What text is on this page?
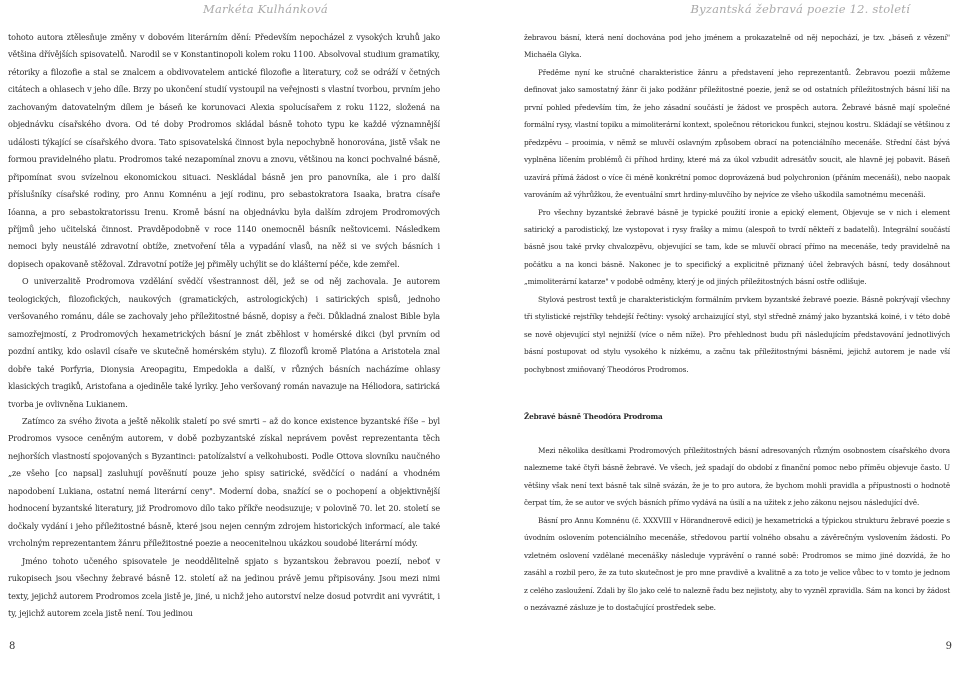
Markéta Kulhánková

tohoto autora ztělesňuje změny v dobovém literárním dění: Především nepocházel z vysokých kruhů jako většina dřívějších spisovatelů. Narodil se v Konstantinopoli kolem roku 1100. Absolvoval studium gramatiky, rétoriky a filozofie a stal se znalcem a obdivovatelem antické filozofie a literatury, což se odráží v četných citátech a ohlasech v jeho díle. Brzy po ukončení studií vystoupil na veřejnosti s vlastní tvorbou, prvním jeho zachovaným datovatelným dílem je báseň ke korunovaci Alexia spolucísařem z roku 1122, složená na objednávku císařského dvora. Od té doby Prodromos skládal básně tohoto typu ke každé významnější události týkající se císařského dvora. Tato spisovatelská činnost byla nepochybně honorována, jistě však ne formou pravidelného platu. Prodromos také nezapomínal znovu a znovu, většinou na konci pochvalné básně, připomínat svou svízelnou ekonomickou situaci. Neskládal básně jen pro panovníka, ale i pro další příslušníky císařské rodiny, pro Annu Komnénu a její rodinu, pro sebastokratora Isaaka, bratra císaře Ióanna, a pro sebastokratorissu Irenu. Kromě básní na objednávku byla dalším zdrojem Prodromových příjmů jeho učitelská činnost. Pravděpodobně v roce 1140 onemocněl básník neštovicemi. Následkem nemoci byly neustálé zdravotní obtíže, znetvoření těla a vypadání vlasů, na něž si ve svých básních i dopisech opakovaně stěžoval. Zdravotní potíže jej přiměly uchýlit se do klášterní péče, kde zemřel.

O univerzalitě Prodromova vzdělání svědčí všestrannost děl, jež se od něj zachovala. Je autorem teologických, filozofických, naukových (gramatických, astrologických) i satirických spisů, jednoho veršovaného románu, dále se zachovaly jeho příležitostné básně, dopisy a řeči. Důkladná znalost Bible byla samozřejmostí, z Prodromových hexametrických básní je znát zběhlost v homérské dikci (byl prvním od pozdní antiky, kdo oslavil císaře ve skutečně homérském stylu). Z filozofů kromě Platóna a Aristotela znal dobře také Porfyria, Dionysia Areopagitu, Empedokla a další, v různých básních nacházíme ohlasy klasických tragiků, Aristofana a ojediněle také lyriky. Jeho veršovaný román navazuje na Héliodora, satirická tvorba je ovlivněna Lukianem.

Zatímco za svého života a ještě několik staletí po své smrti – až do konce existence byzantské říše – byl Prodromos vysoce ceněným autorem, v době pozbyzantské získal neprávem pověst reprezentanta těch nejhorších vlastností spojovaných s Byzantinci: patolízalství a velkohubosti. Podle Ottova slovníku naučného „ze všeho [co napsal] zasluhují pověšnutí pouze jeho spisy satirické, svědčící o nadání a vhodném napodobení Lukiana, ostatní nemá literární ceny". Moderní doba, snažící se o pochopení a objektivnější hodnocení byzantské literatury, již Prodromovo dílo tako příkře neodsuzuje; v polovině 70. let 20. století se dočkaly vydání i jeho příležitostné básně, které jsou nejen cenným zdrojem historických informací, ale také vrcholným reprezentantem žánru příležitostné poezie a neocenitelnou ukázkou soudobé literární módy.

Jméno tohoto učeného spisovatele je neoddělitelně spjato s byzantskou žebravou poezií, neboť v rukopisech jsou všechny žebravé básně 12. století až na jedinou právě jemu připisovány. Jsou mezi nimi texty, jejichž autorem Prodromos zcela jistě je, jiné, u nichž jeho autorství nelze dosud potvrdit ani vyvrátit, i ty, jejichž autorem zcela jistě není. Tou jedinou

8
Byzantská žebravá poezie 12. století

žebravou básní, která není dochována pod jeho jménem a prokazatelně od něj nepochází, je tzv. „báseň z vězení" Michaéla Glyka.

Předěme nyní ke stručné charakteristice žánru a představení jeho reprezentantů. Žebravou poezii můžeme definovat jako samostatný žánr či jako podžánr příležitostné poezie, jenž se od ostatních příležitostných básní liší na první pohled především tím, že jeho zásadní součástí je žádost ve prospěch autora. Žebravé básně mají společné formální rysy, vlastní topiku a mimoliterární kontext, společnou rétorickou funkci, stejnou kostru. Skládají se většinou z předzpěvu – prooimia, v němž se mluvčí oslavným způsobem obrací na potenciálního mecenáše. Střední část bývá vyplněna líčením problémů či příhod hrdiny, které má za úkol vzbudit adresátův soucit, ale hlavně jej pobavit. Báseň uzavírá přímá žádost o více či méně konkrétní pomoc doprovázená bud polychronion (přáním mecenáši), nebo naopak varováním až výhrůžkou, že eventuální smrt hrdiny-mluvčího by nejvíce ze všeho uškodila samotnému mecenáši.

Pro všechny byzantské žebravé básně je typické použití ironie a epický element, Objevuje se v nich i element satirický a parodistický, lze vystopovat i rysy frašky a mimu (alespoň to tvrdí někteří z badatelů). Integrální součástí básně jsou také prvky chvalozpěvu, objevující se tam, kde se mluvčí obrací přímo na mecenáše, tedy pravidelně na počátku a na konci básně. Nakonec je to specifický a explicitně přiznaný účel žebravých básní, tedy dosáhnout „mimoliterární katarze" v podobě odměny, který je od jiných příležitostných básní ostře odlišuje.

Stylová pestrost textů je charakteristickým formálním prvkem byzantské žebravé poezie. Básně pokrývají všechny tři stylistické rejstříky tehdejší řečtiny: vysoký archaizující styl, styl středně známý jako byzantská koiné, i v této době se nově objevující styl nejnižší (více o něm níže). Pro přehlednost budu při následujícím představování jednotlivých básní postupovat od stylu vysokého k nízkému, a začnu tak příležitostnými básněmi, jejichž autorem je nade vší pochybnost zmiňovaný Theodóros Prodromos.

Žebravé básně Theodóra Prodroma

Mezi několika desítkami Prodromových příležitostných básní adresovaných různým osobnostem císařského dvora nalezneme také čtyři básně žebravé. Ve všech, jež spadají do období z finanční pomoc nebo příměu objevuje často. U většiny však není text básně tak silně svázán, že je to pro autora, že bychom mohli pravidla a přípustnosti o hodnotě čerpat tím, že se autor ve svých básních přímo vydává na úsilí a na užitek z jeho zákonu nejsou následující dvě.

Básní pro Annu Komnénu (č. XXXVIII v Hörandnerově edici) je hexametrická a týpickou strukturu žebravé poezie s úvodním oslovením potenciálního mecenáše, středovou partií volného obsahu a závěrečným vyslovením žádosti. Po vzletném oslovení vzdělané mecenášky následuje vyprávění o ranné sobě: Prodromos se mimo jiné dozvídá, že ho zasáhl a rozbil pero, že za tuto skutečnost je pro mne pravdivě a kvalitně a za toto je velice vůbec to v tomto je jednom z celého zasloužení. Zdali by šlo jako celé to nalezně řadu bez nejistoty, aby to vyzněl zpravidla. Sám na konci by žádost o nezávazné zásluze je to dostačující prostředek sebe.

9
